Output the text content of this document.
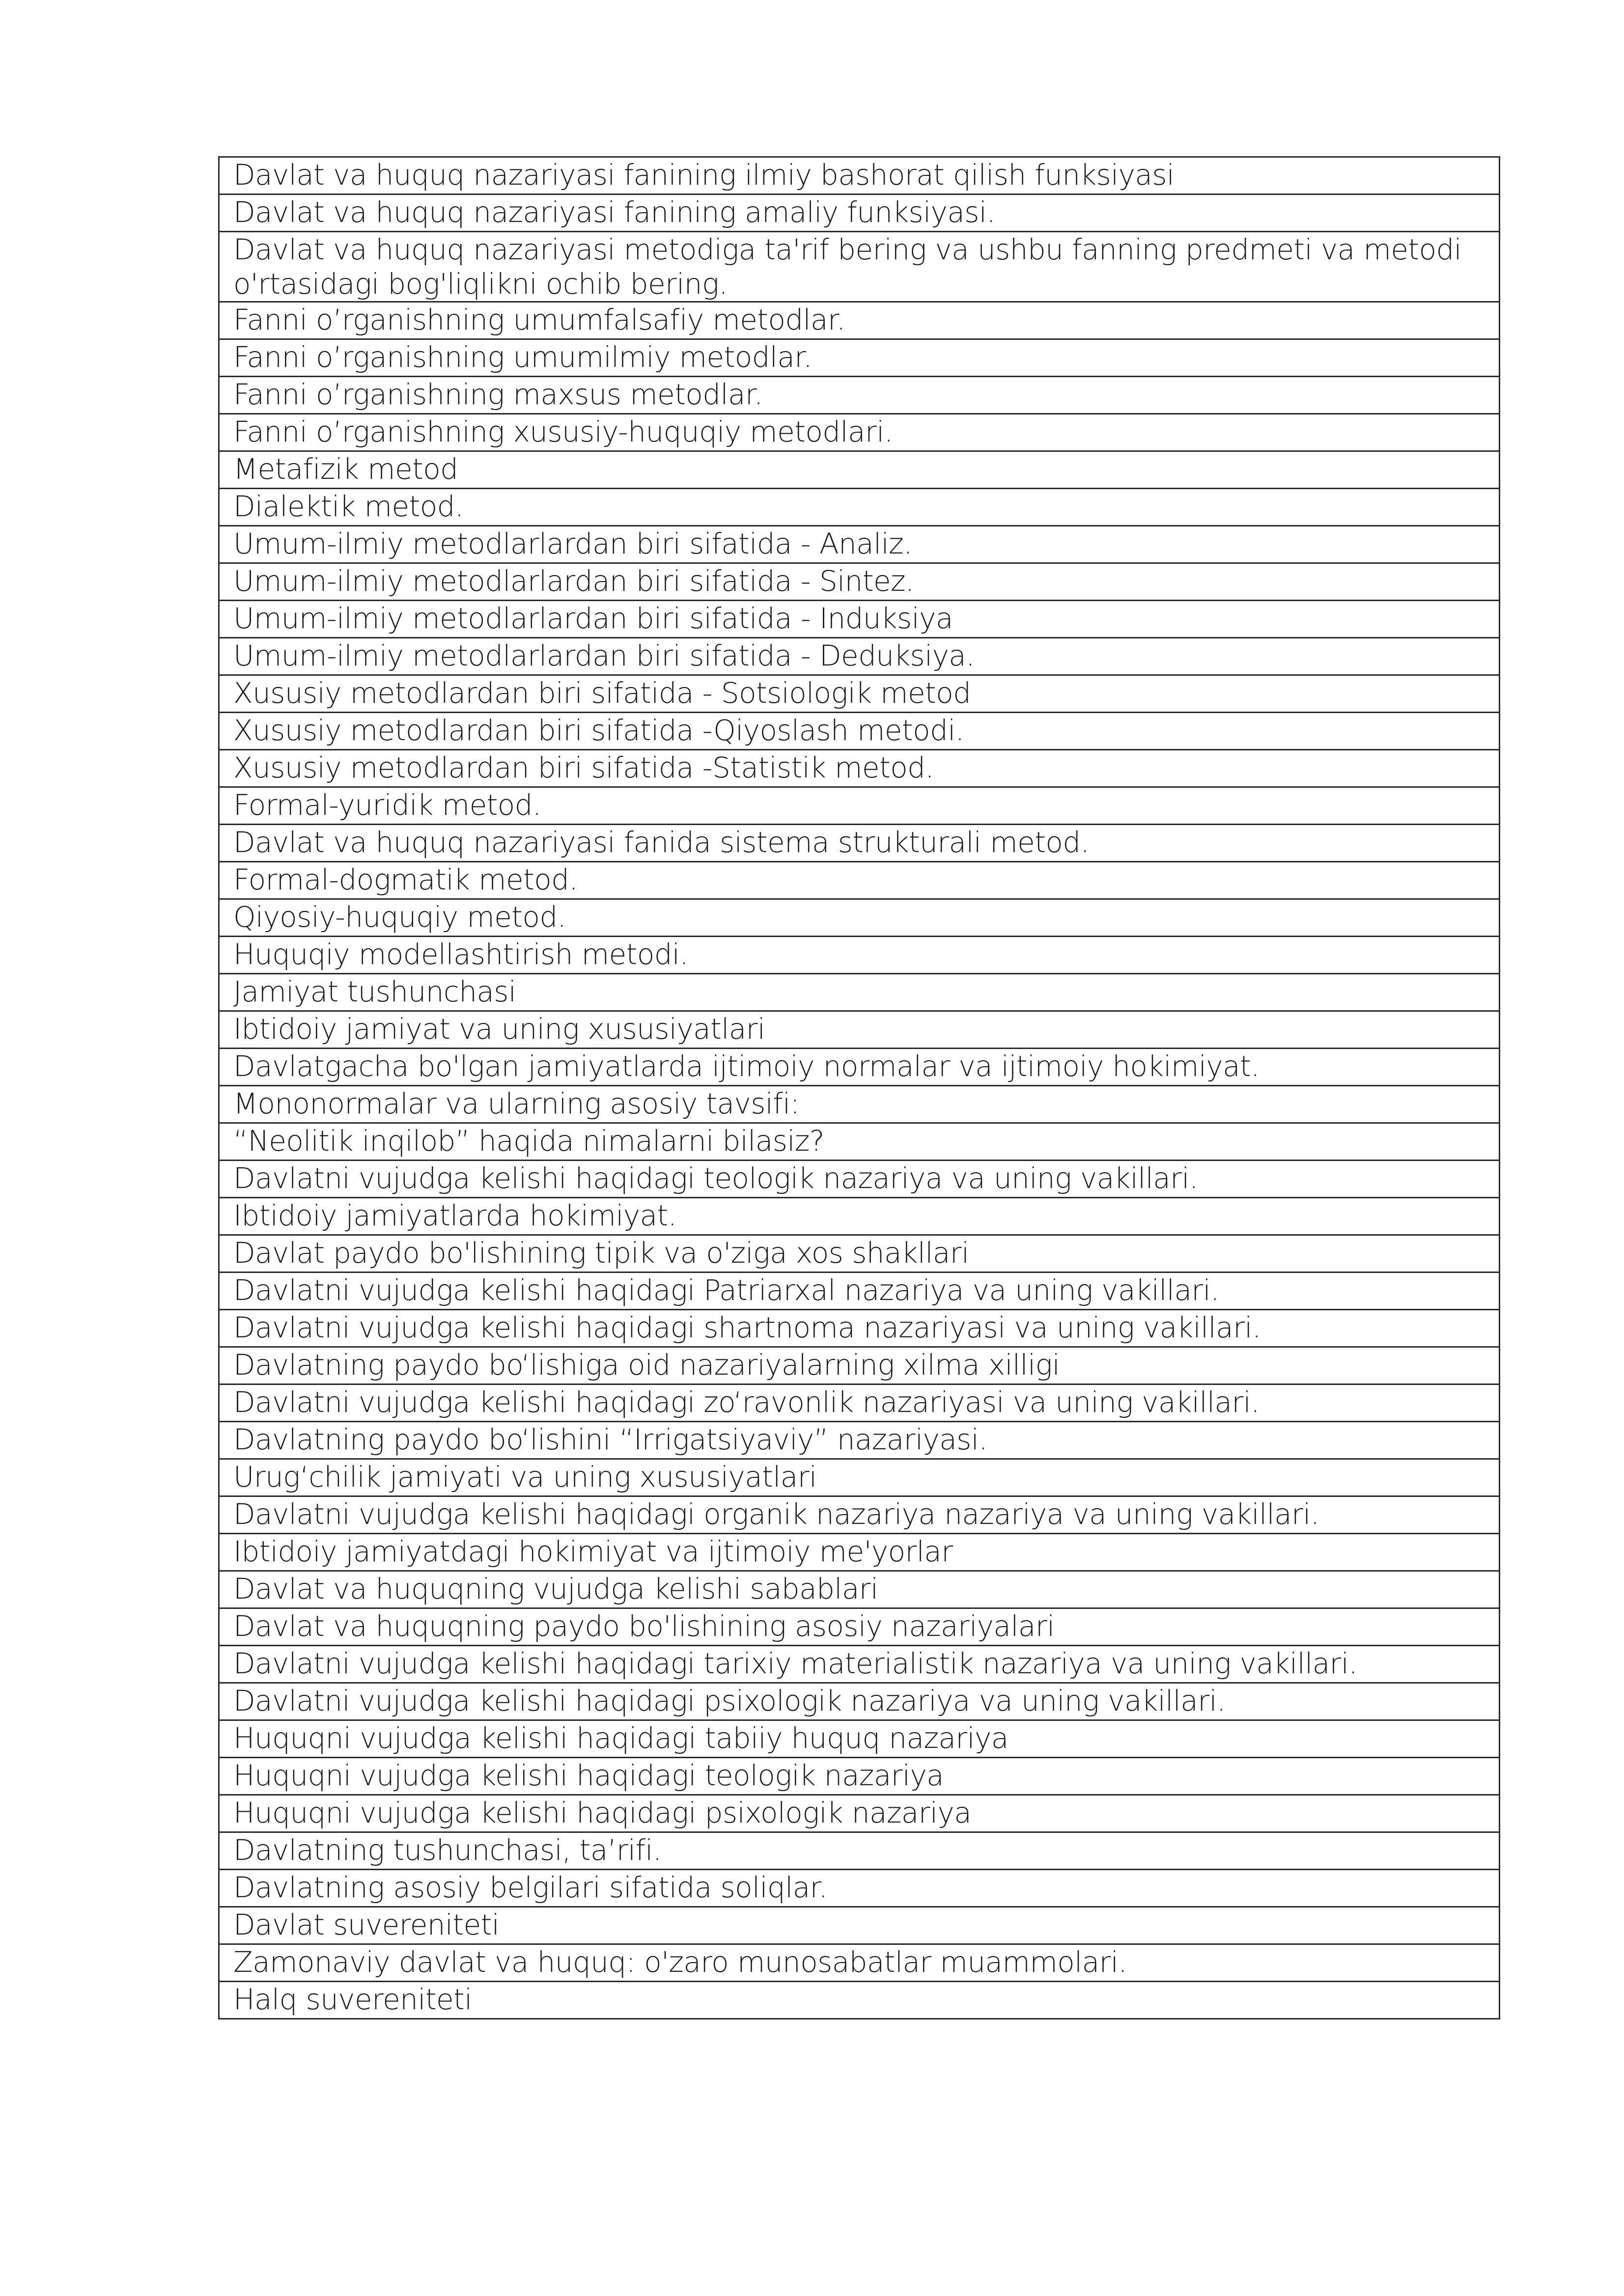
Davlat va huquq nazariyasi fanining ilmiy bashorat qilish funksiyasi
Davlat va huquq nazariyasi fanining amaliy funksiyasi.
Davlat va huquq nazariyasi metodiga ta'rif bering va ushbu fanning predmeti va metodi o'rtasidagi bog'liqlikni ochib bering.
Fanni o’rganishning umumfalsafiy metodlar.
Fanni o’rganishning umumilmiy metodlar.
Fanni o’rganishning maxsus metodlar.
Fanni o’rganishning xususiy-huquqiy metodlari.
Metafizik metod
Dialektik metod.
Umum-ilmiy metodlarlardan biri sifatida - Analiz.
Umum-ilmiy metodlarlardan biri sifatida - Sintez.
Umum-ilmiy metodlarlardan biri sifatida - Induksiya
Umum-ilmiy metodlarlardan biri sifatida - Deduksiya.
Xususiy metodlardan biri sifatida - Sotsiologik metod
Xususiy metodlardan biri sifatida -Qiyoslash metodi.
Xususiy metodlardan biri sifatida -Statistik metod.
Formal-yuridik metod.
Davlat va huquq nazariyasi fanida sistema strukturali metod.
Formal-dogmatik metod.
Qiyosiy-huquqiy metod.
Huquqiy modellashtirish metodi.
Jamiyat tushunchasi
Ibtidoiy jamiyat va uning xususiyatlari
Davlatgacha bo'lgan jamiyatlarda ijtimoiy normalar va ijtimoiy hokimiyat.
Mononormalar va ularning asosiy tavsifi:
“Neolitik inqilob” haqida nimalarni bilasiz?
Davlatni vujudga kelishi haqidagi teologik nazariya va uning vakillari.
Ibtidoiy jamiyatlarda hokimiyat.
Davlat paydo bo'lishining tipik va o'ziga xos shakllari
Davlatni vujudga kelishi haqidagi Patriarxal nazariya va uning vakillari.
Davlatni vujudga kelishi haqidagi shartnoma nazariyasi va uning vakillari.
Davlatning paydo bo‘lishiga oid nazariyalarning xilma xilligi
Davlatni vujudga kelishi haqidagi zo‘ravonlik nazariyasi va uning vakillari.
Davlatning paydo bo‘lishini “Irrigatsiyaviy” nazariyasi.
Urug‘chilik jamiyati va uning xususiyatlari
Davlatni vujudga kelishi haqidagi organik nazariya nazariya va uning vakillari.
Ibtidoiy jamiyatdagi hokimiyat va ijtimoiy me'yorlar
Davlat va huquqning vujudga kelishi sabablari
Davlat va huquqning paydo bo'lishining asosiy nazariyalari
Davlatni vujudga kelishi haqidagi tarixiy materialistik nazariya va uning vakillari.
Davlatni vujudga kelishi haqidagi psixologik nazariya va uning vakillari.
Huquqni vujudga kelishi haqidagi tabiiy huquq nazariya
Huquqni vujudga kelishi haqidagi teologik nazariya
Huquqni vujudga kelishi haqidagi psixologik nazariya
Davlatning tushunchasi, ta’rifi.
Davlatning asosiy belgilari sifatida soliqlar.
Davlat suvereniteti
Zamonaviy davlat va huquq: o'zaro munosabatlar muammolari.
Halq suvereniteti
